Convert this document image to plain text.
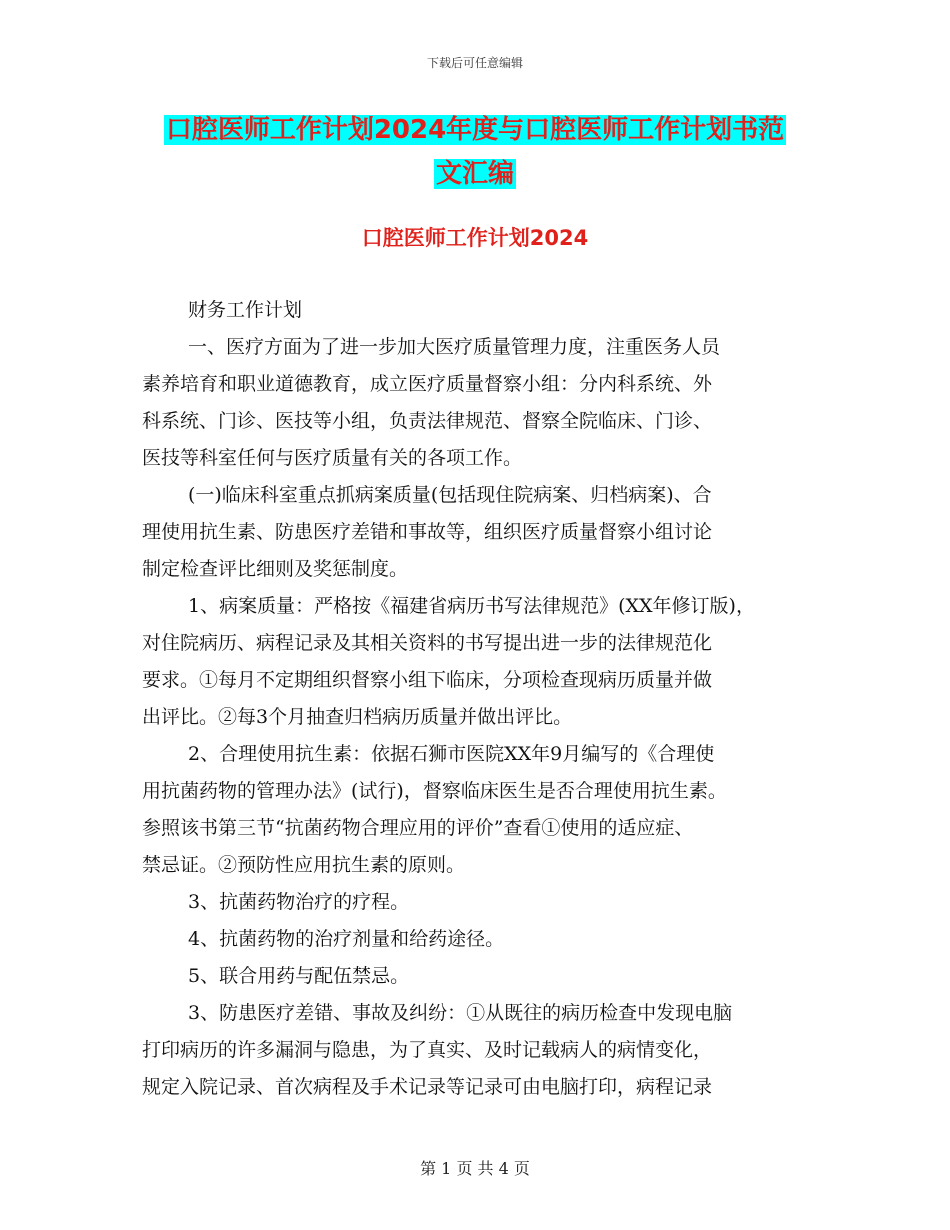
下载后可任意编辑
口腔医师工作计划2024年度与口腔医师工作计划书范
文汇编
口腔医师工作计划2024
财务工作计划
一、医疗方面为了进一步加大医疗质量管理力度，注重医务人员
素养培育和职业道德教育，成立医疗质量督察小组：分内科系统、外
科系统、门诊、医技等小组，负责法律规范、督察全院临床、门诊、
医技等科室任何与医疗质量有关的各项工作。
(一)临床科室重点抓病案质量(包括现住院病案、归档病案)、合
理使用抗生素、防患医疗差错和事故等，组织医疗质量督察小组讨论
制定检查评比细则及奖惩制度。
1、病案质量：严格按《福建省病历书写法律规范》(XX年修订版)，
对住院病历、病程记录及其相关资料的书写提出进一步的法律规范化
要求。①每月不定期组织督察小组下临床，分项检查现病历质量并做
出评比。②每3个月抽查归档病历质量并做出评比。
2、合理使用抗生素：依据石狮市医院XX年9月编写的《合理使
用抗菌药物的管理办法》(试行)，督察临床医生是否合理使用抗生素。
参照该书第三节“抗菌药物合理应用的评价”查看①使用的适应症、
禁忌证。②预防性应用抗生素的原则。
3、抗菌药物治疗的疗程。
4、抗菌药物的治疗剂量和给药途径。
5、联合用药与配伍禁忌。
3、防患医疗差错、事故及纠纷：①从既往的病历检查中发现电脑
打印病历的许多漏洞与隐患，为了真实、及时记载病人的病情变化，
规定入院记录、首次病程及手术记录等记录可由电脑打印，病程记录
第 1 页 共 4 页
